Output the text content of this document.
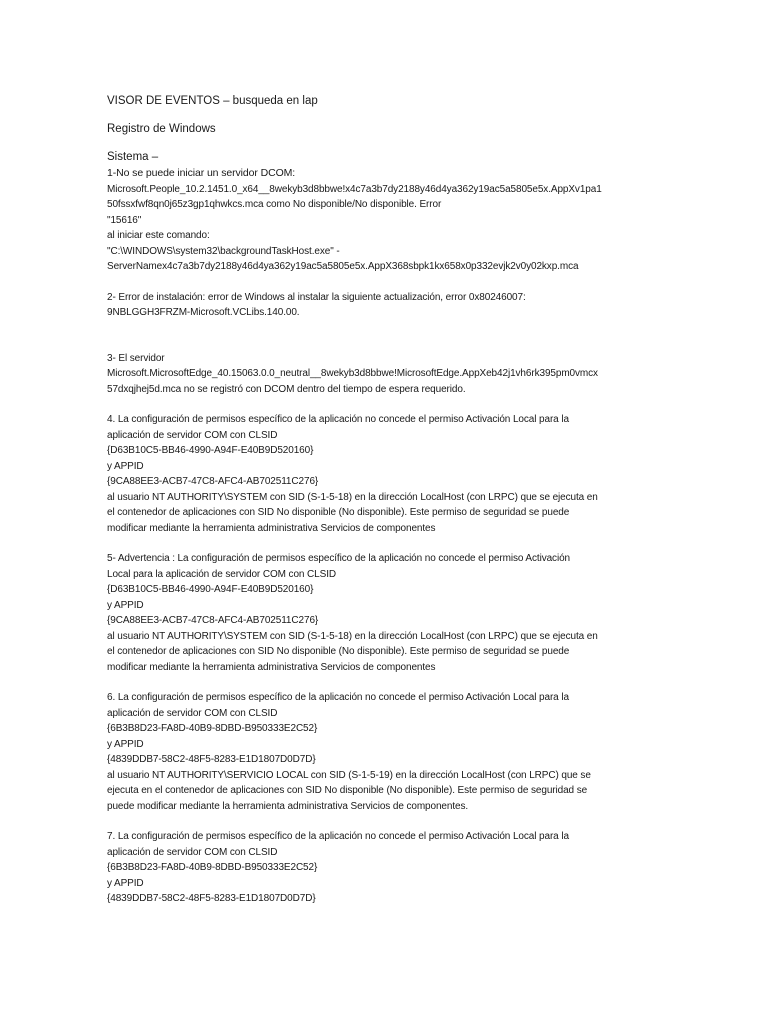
VISOR DE EVENTOS – busqueda en lap
Registro de Windows
Sistema –
1-No se puede iniciar un servidor DCOM:
Microsoft.People_10.2.1451.0_x64__8wekyb3d8bbwe!x4c7a3b7dy2188y46d4ya362y19ac5a5805e5x.AppXv1pa1
50fssxfwf8qn0j65z3gp1qhwkcs.mca como No disponible/No disponible. Error
"15616"
al iniciar este comando:
"C:\WINDOWS\system32\backgroundTaskHost.exe" -
ServerNamex4c7a3b7dy2188y46d4ya362y19ac5a5805e5x.AppX368sbpk1kx658x0p332evjk2v0y02kxp.mca
2- Error de instalación: error de Windows al instalar la siguiente actualización, error 0x80246007:
9NBLGGH3FRZM-Microsoft.VCLibs.140.00.
3- El servidor
Microsoft.MicrosoftEdge_40.15063.0.0_neutral__8wekyb3d8bbwe!MicrosoftEdge.AppXeb42j1vh6rk395pm0vmcx
57dxqjhej5d.mca no se registró con DCOM dentro del tiempo de espera requerido.
4. La configuración de permisos específico de la aplicación no concede el permiso Activación Local para la
aplicación de servidor COM con CLSID
{D63B10C5-BB46-4990-A94F-E40B9D520160}
y APPID
{9CA88EE3-ACB7-47C8-AFC4-AB702511C276}
al usuario NT AUTHORITY\SYSTEM con SID (S-1-5-18) en la dirección LocalHost (con LRPC) que se ejecuta en
el contenedor de aplicaciones con SID No disponible (No disponible). Este permiso de seguridad se puede
modificar mediante la herramienta administrativa Servicios de componentes
5- Advertencia : La configuración de permisos específico de la aplicación no concede el permiso Activación
Local para la aplicación de servidor COM con CLSID
{D63B10C5-BB46-4990-A94F-E40B9D520160}
y APPID
{9CA88EE3-ACB7-47C8-AFC4-AB702511C276}
al usuario NT AUTHORITY\SYSTEM con SID (S-1-5-18) en la dirección LocalHost (con LRPC) que se ejecuta en
el contenedor de aplicaciones con SID No disponible (No disponible). Este permiso de seguridad se puede
modificar mediante la herramienta administrativa Servicios de componentes
6. La configuración de permisos específico de la aplicación no concede el permiso Activación Local para la
aplicación de servidor COM con CLSID
{6B3B8D23-FA8D-40B9-8DBD-B950333E2C52}
y APPID
{4839DDB7-58C2-48F5-8283-E1D1807D0D7D}
al usuario NT AUTHORITY\SERVICIO LOCAL con SID (S-1-5-19) en la dirección LocalHost (con LRPC) que se
ejecuta en el contenedor de aplicaciones con SID No disponible (No disponible). Este permiso de seguridad se
puede modificar mediante la herramienta administrativa Servicios de componentes.
7. La configuración de permisos específico de la aplicación no concede el permiso Activación Local para la
aplicación de servidor COM con CLSID
{6B3B8D23-FA8D-40B9-8DBD-B950333E2C52}
y APPID
{4839DDB7-58C2-48F5-8283-E1D1807D0D7D}
